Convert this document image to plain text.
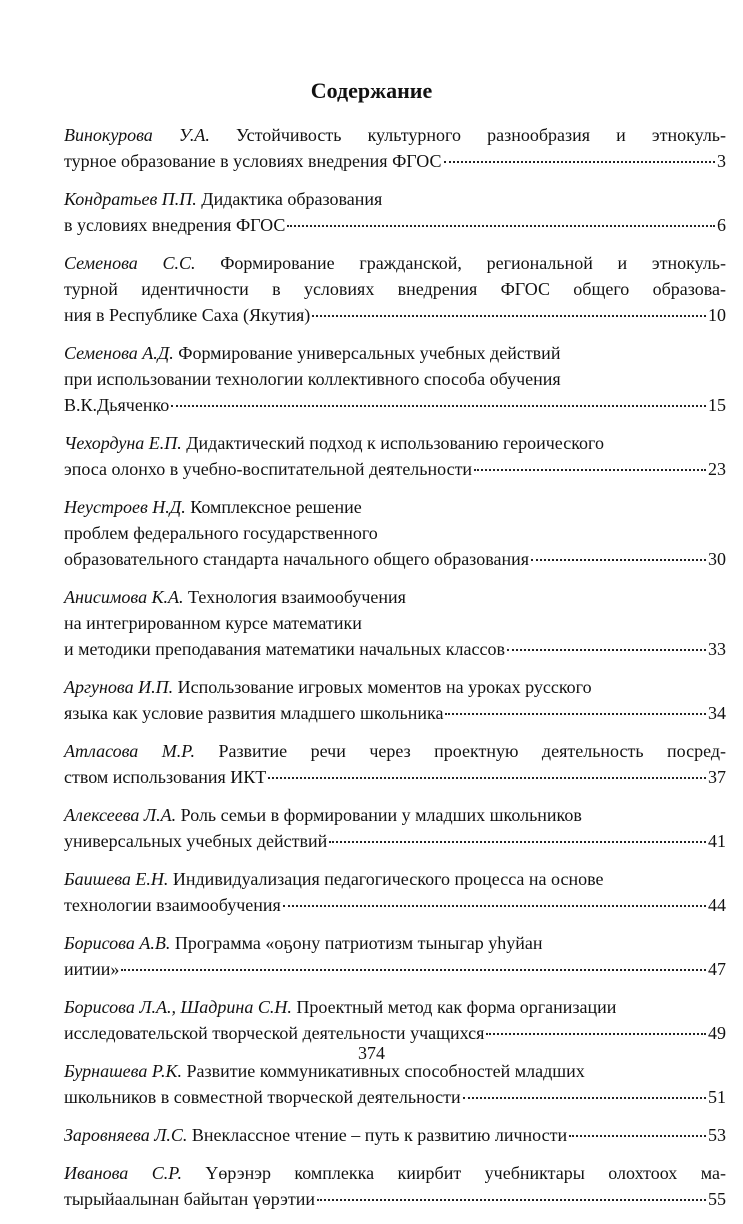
Содержание
Винокурова У.А. Устойчивость культурного разнообразия и этнокуль-
турное образование в условиях внедрения ФГОС	3
Кондратьев П.П.
Дидактика образования
в условиях внедрения ФГОС	6
Семенова С.С. Формирование гражданской, региональной и этнокуль-
турной идентичности в условиях внедрения ФГОС общего образова-
ния в Республике Саха (Якутия)	10
Семенова А.Д.
Формирование универсальных учебных действий
при использовании технологии коллективного способа обучения
В.К.Дьяченко	15
Чехордуна Е.П.
Дидактический подход к использованию героического
эпоса олонхо в учебно-воспитательной деятельности	23
Неустроев Н.Д.
Комплексное решение
проблем федерального государственного
образовательного стандарта начального общего образования	30
Анисимова К.А.
Технология взаимообучения
на интегрированном курсе математики
и методики преподавания математики начальных классов	33
Аргунова И.П.
Использование игровых моментов на уроках русского
языка как условие развития младшего школьника	34
Атласова М.Р. Развитие речи через проектную деятельность посред-
ством использования ИКТ	37
Алексеева Л.А.
Роль семьи в формировании у младших школьников
универсальных учебных действий	41
Баишева Е.Н.
Индивидуализация педагогического процесса на основе
технологии взаимообучения	44
Борисова А.В.
Программа «оҕону патриотизм тыныгар уһуйан
иитии»	47
Борисова Л.А., Шадрина С.Н.
Проектный метод как форма организации
исследовательской творческой деятельности учащихся	49
Бурнашева Р.К.
Развитие коммуникативных способностей младших
школьников в совместной творческой деятельности	51
Заровняева Л.С.
Внеклассное чтение – путь к развитию личности	53
Иванова С.Р. Үөрэнэр комплекка киирбит учебниктары олохтоох ма-
тырыйаалынан байытан үөрэтии	55
374
